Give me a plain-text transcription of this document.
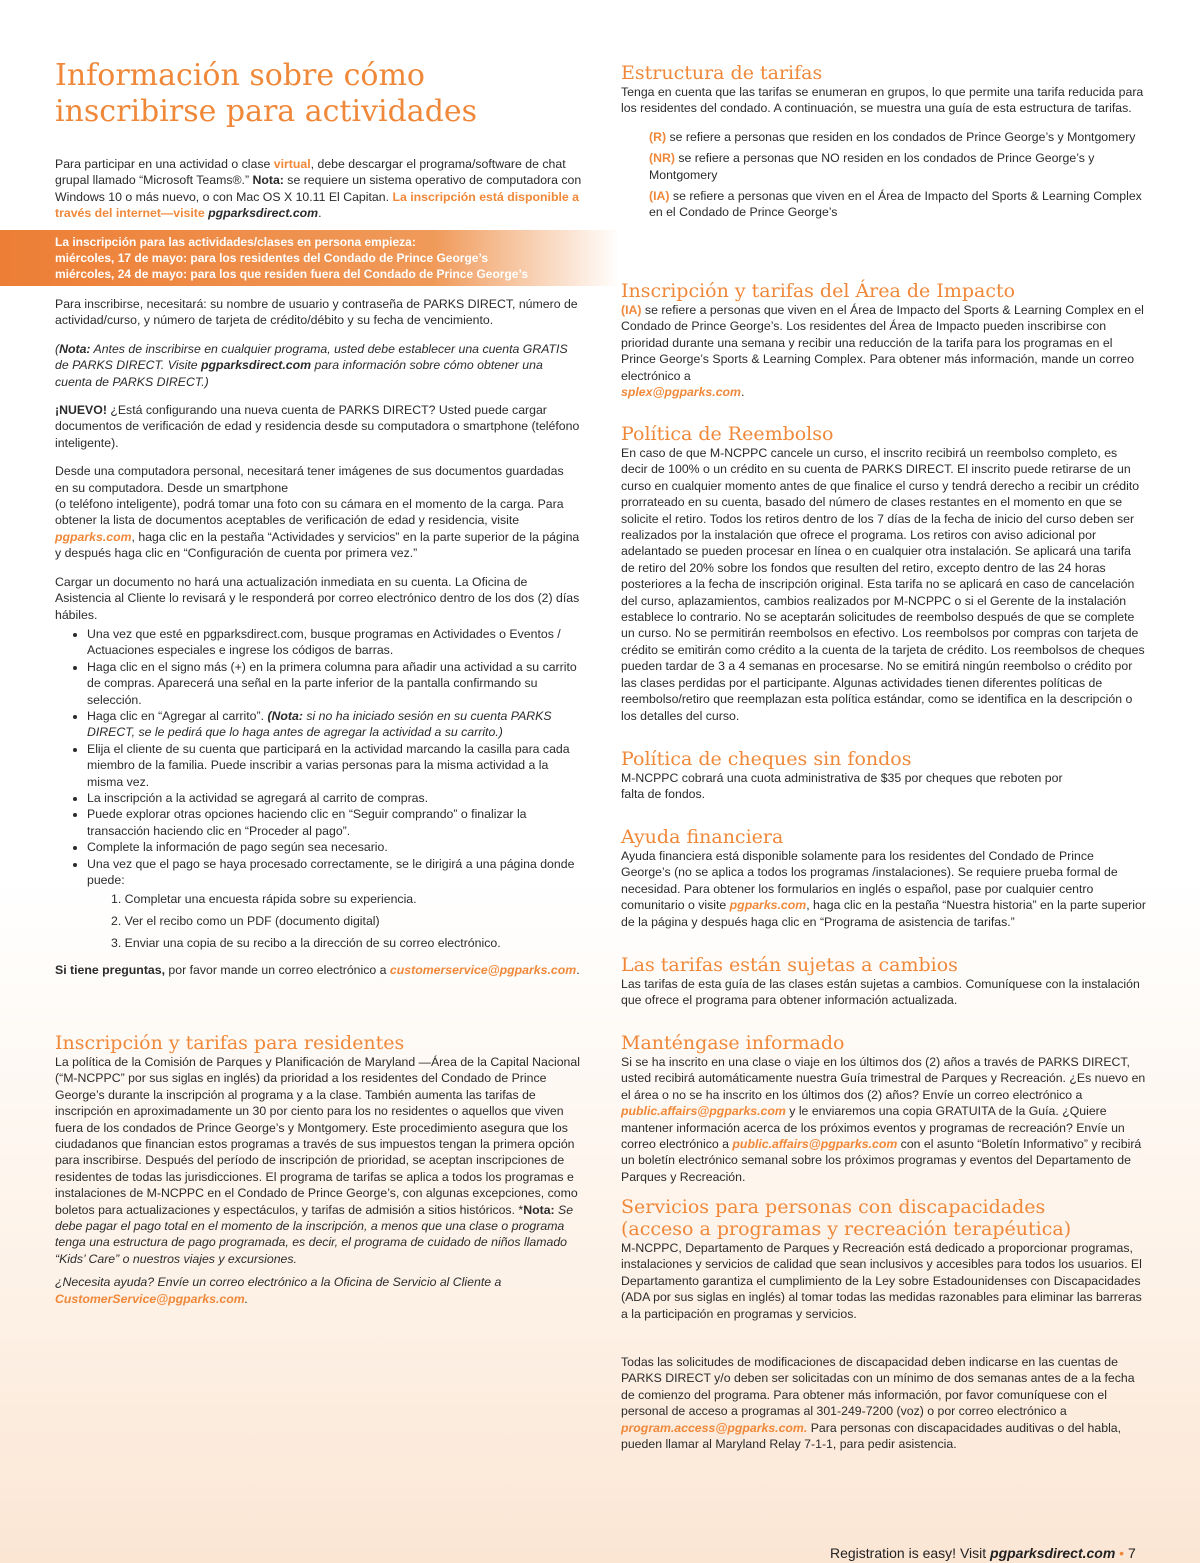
Información sobre cómo inscribirse para actividades

Para participar en una actividad o clase virtual, debe descargar el programa/software de chat grupal llamado “Microsoft Teams®.” Nota: se requiere un sistema operativo de computadora con Windows 10 o más nuevo, o con Mac OS X 10.11 El Capitan. La inscripción está disponible a través del internet—visite pgparksdirect.com.

La inscripción para las actividades/clases en persona empieza:
miércoles, 17 de mayo: para los residentes del Condado de Prince George’s
miércoles, 24 de mayo: para los que residen fuera del Condado de Prince George’s

Para inscribirse, necesitará: su nombre de usuario y contraseña de PARKS DIRECT, número de actividad/curso, y número de tarjeta de crédito/débito y su fecha de vencimiento.

(Nota: Antes de inscribirse en cualquier programa, usted debe establecer una cuenta GRATIS de PARKS DIRECT. Visite pgparksdirect.com para información sobre cómo obtener una cuenta de PARKS DIRECT.)

¡NUEVO! ¿Está configurando una nueva cuenta de PARKS DIRECT? Usted puede cargar documentos de verificación de edad y residencia desde su computadora o smartphone (teléfono inteligente).

Desde una computadora personal, necesitará tener imágenes de sus documentos guardadas en su computadora. Desde un smartphone
(o teléfono inteligente), podrá tomar una foto con su cámara en el momento de la carga. Para obtener la lista de documentos aceptables de verificación de edad y residencia, visite pgparks.com, haga clic en la pestaña “Actividades y servicios” en la parte superior de la página y después haga clic en “Configuración de cuenta por primera vez.”

Cargar un documento no hará una actualización inmediata en su cuenta. La Oficina de Asistencia al Cliente lo revisará y le responderá por correo electrónico dentro de los dos (2) días hábiles.

• Una vez que esté en pgparksdirect.com, busque programas en Actividades o Eventos / Actuaciones especiales e ingrese los códigos de barras.
• Haga clic en el signo más (+) en la primera columna para añadir una actividad a su carrito de compras. Aparecerá una señal en la parte inferior de la pantalla confirmando su selección.
• Haga clic en “Agregar al carrito”. (Nota: si no ha iniciado sesión en su cuenta PARKS DIRECT, se le pedirá que lo haga antes de agregar la actividad a su carrito.)
• Elija el cliente de su cuenta que participará en la actividad marcando la casilla para cada miembro de la familia. Puede inscribir a varias personas para la misma actividad a la misma vez.
• La inscripción a la actividad se agregará al carrito de compras.
• Puede explorar otras opciones haciendo clic en “Seguir comprando” o finalizar la transacción haciendo clic en “Proceder al pago”.
• Complete la información de pago según sea necesario.
• Una vez que el pago se haya procesado correctamente, se le dirigirá a una página donde puede:
1. Completar una encuesta rápida sobre su experiencia.
2. Ver el recibo como un PDF (documento digital)
3. Enviar una copia de su recibo a la dirección de su correo electrónico.

Si tiene preguntas, por favor mande un correo electrónico a customerservice@pgparks.com.

Inscripción y tarifas para residentes

La política de la Comisión de Parques y Planificación de Maryland —Área de la Capital Nacional (“M-NCPPC” por sus siglas en inglés) da prioridad a los residentes del Condado de Prince George’s durante la inscripción al programa y a la clase. También aumenta las tarifas de inscripción en aproximadamente un 30 por ciento para los no residentes o aquellos que viven fuera de los condados de Prince George’s y Montgomery. Este procedimiento asegura que los ciudadanos que financian estos programas a través de sus impuestos tengan la primera opción para inscribirse. Después del período de inscripción de prioridad, se aceptan inscripciones de residentes de todas las jurisdicciones. El programa de tarifas se aplica a todos los programas e instalaciones de M-NCPPC en el Condado de Prince George’s, con algunas excepciones, como boletos para actualizaciones y espectáculos, y tarifas de admisión a sitios históricos. *Nota: Se debe pagar el pago total en el momento de la inscripción, a menos que una clase o programa tenga una estructura de pago programada, es decir, el programa de cuidado de niños llamado “Kids’ Care” o nuestros viajes y excursiones.

¿Necesita ayuda? Envíe un correo electrónico a la Oficina de Servicio al Cliente a CustomerService@pgparks.com.

Estructura de tarifas

Tenga en cuenta que las tarifas se enumeran en grupos, lo que permite una tarifa reducida para los residentes del condado. A continuación, se muestra una guía de esta estructura de tarifas.

(R) se refiere a personas que residen en los condados de Prince George’s y Montgomery

(NR) se refiere a personas que NO residen en los condados de Prince George’s y Montgomery

(IA) se refiere a personas que viven en el Área de Impacto del Sports & Learning Complex en el Condado de Prince George’s

Inscripción y tarifas del Área de Impacto

(IA) se refiere a personas que viven en el Área de Impacto del Sports & Learning Complex en el Condado de Prince George’s. Los residentes del Área de Impacto pueden inscribirse con prioridad durante una semana y recibir una reducción de la tarifa para los programas en el Prince George’s Sports & Learning Complex. Para obtener más información, mande un correo electrónico a
splex@pgparks.com.

Política de Reembolso

En caso de que M-NCPPC cancele un curso, el inscrito recibirá un reembolso completo, es decir de 100% o un crédito en su cuenta de PARKS DIRECT. El inscrito puede retirarse de un curso en cualquier momento antes de que finalice el curso y tendrá derecho a recibir un crédito prorrateado en su cuenta, basado del número de clases restantes en el momento en que se solicite el retiro. Todos los retiros dentro de los 7 días de la fecha de inicio del curso deben ser realizados por la instalación que ofrece el programa. Los retiros con aviso adicional por adelantado se pueden procesar en línea o en cualquier otra instalación. Se aplicará una tarifa de retiro del 20% sobre los fondos que resulten del retiro, excepto dentro de las 24 horas posteriores a la fecha de inscripción original. Esta tarifa no se aplicará en caso de cancelación del curso, aplazamientos, cambios realizados por M-NCPPC o si el Gerente de la instalación establece lo contrario. No se aceptarán solicitudes de reembolso después de que se complete un curso. No se permitirán reembolsos en efectivo. Los reembolsos por compras con tarjeta de crédito se emitirán como crédito a la cuenta de la tarjeta de crédito. Los reembolsos de cheques pueden tardar de 3 a 4 semanas en procesarse. No se emitirá ningún reembolso o crédito por las clases perdidas por el participante. Algunas actividades tienen diferentes políticas de reembolso/retiro que reemplazan esta política estándar, como se identifica en la descripción o los detalles del curso.

Política de cheques sin fondos

M-NCPPC cobrará una cuota administrativa de $35 por cheques que reboten por falta de fondos.

Ayuda financiera

Ayuda financiera está disponible solamente para los residentes del Condado de Prince George’s (no se aplica a todos los programas /instalaciones). Se requiere prueba formal de necesidad. Para obtener los formularios en inglés o español, pase por cualquier centro comunitario o visite pgparks.com, haga clic en la pestaña “Nuestra historia” en la parte superior de la página y después haga clic en “Programa de asistencia de tarifas.”

Las tarifas están sujetas a cambios

Las tarifas de esta guía de las clases están sujetas a cambios. Comuníquese con la instalación que ofrece el programa para obtener información actualizada.

Manténgase informado

Si se ha inscrito en una clase o viaje en los últimos dos (2) años a través de PARKS DIRECT, usted recibirá automáticamente nuestra Guía trimestral de Parques y Recreación. ¿Es nuevo en el área o no se ha inscrito en los últimos dos (2) años? Envíe un correo electrónico a public.affairs@pgparks.com y le enviaremos una copia GRATUITA de la Guía. ¿Quiere mantener información acerca de los próximos eventos y programas de recreación? Envíe un correo electrónico a public.affairs@pgparks.com con el asunto “Boletín Informativo” y recibirá un boletín electrónico semanal sobre los próximos programas y eventos del Departamento de Parques y Recreación.

Servicios para personas con discapacidades
(acceso a programas y recreación terapéutica)

M-NCPPC, Departamento de Parques y Recreación está dedicado a proporcionar programas, instalaciones y servicios de calidad que sean inclusivos y accesibles para todos los usuarios. El Departamento garantiza el cumplimiento de la Ley sobre Estadounidenses con Discapacidades (ADA por sus siglas en inglés) al tomar todas las medidas razonables para eliminar las barreras a la participación en programas y servicios.

Todas las solicitudes de modificaciones de discapacidad deben indicarse en las cuentas de PARKS DIRECT y/o deben ser solicitadas con un mínimo de dos semanas antes de a la fecha de comienzo del programa. Para obtener más información, por favor comuníquese con el personal de acceso a programas al 301-249-7200 (voz) o por correo electrónico a program.access@pgparks.com. Para personas con discapacidades auditivas o del habla, pueden llamar al Maryland Relay 7-1-1, para pedir asistencia.

Registration is easy! Visit pgparksdirect.com • 7
